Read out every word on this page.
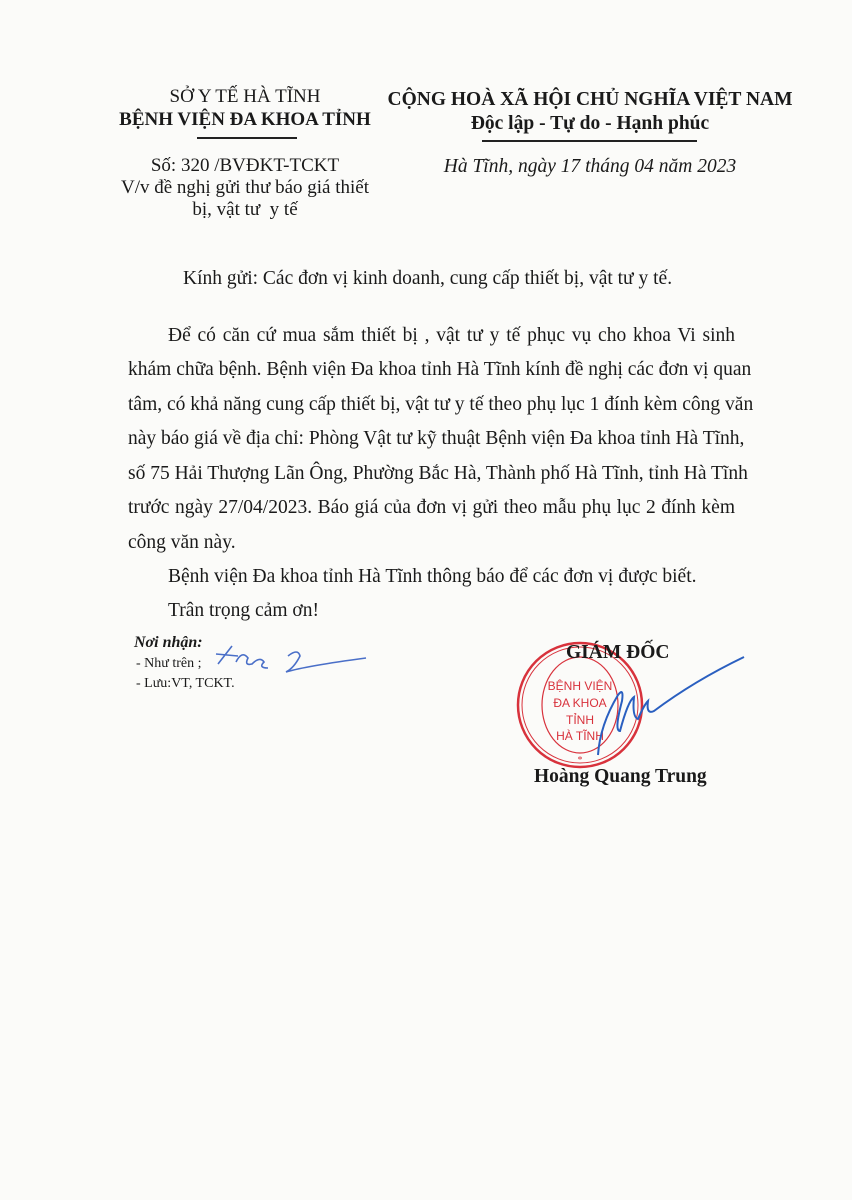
SỞ Y TẾ HÀ TĨNH
BỆNH VIỆN ĐA KHOA TỈNH
Số: 320 /BVĐKT-TCKT
V/v đề nghị gửi thư báo giá thiết
bị, vật tư  y tế
CỘNG HOÀ XÃ HỘI CHỦ NGHĨA VIỆT NAM
Độc lập - Tự do - Hạnh phúc
Hà Tĩnh, ngày 17 tháng 04 năm 2023
Kính gửi: Các đơn vị kinh doanh, cung cấp thiết bị, vật tư y tế.
Để có căn cứ mua sắm thiết bị , vật tư y tế phục vụ cho khoa Vi sinh
khám chữa bệnh. Bệnh viện Đa khoa tỉnh Hà Tĩnh kính đề nghị các đơn vị quan
tâm, có khả năng cung cấp thiết bị, vật tư y tế theo phụ lục 1 đính kèm công văn
này báo giá về địa chỉ: Phòng Vật tư kỹ thuật Bệnh viện Đa khoa tỉnh Hà Tĩnh,
số 75 Hải Thượng Lãn Ông, Phường Bắc Hà, Thành phố Hà Tĩnh, tỉnh Hà Tĩnh
trước ngày 27/04/2023. Báo giá của đơn vị gửi theo mẫu phụ lục 2 đính kèm
công văn này.
Bệnh viện Đa khoa tỉnh Hà Tĩnh thông báo để các đơn vị được biết.
Trân trọng cảm ơn!
Nơi nhận:
- Như trên ;
- Lưu:VT, TCKT.	BỆNH VIỆN
ĐA KHOA
TỈNH
HÀ TĨNH
*
GIÁM ĐỐC
Hoàng Quang Trung
